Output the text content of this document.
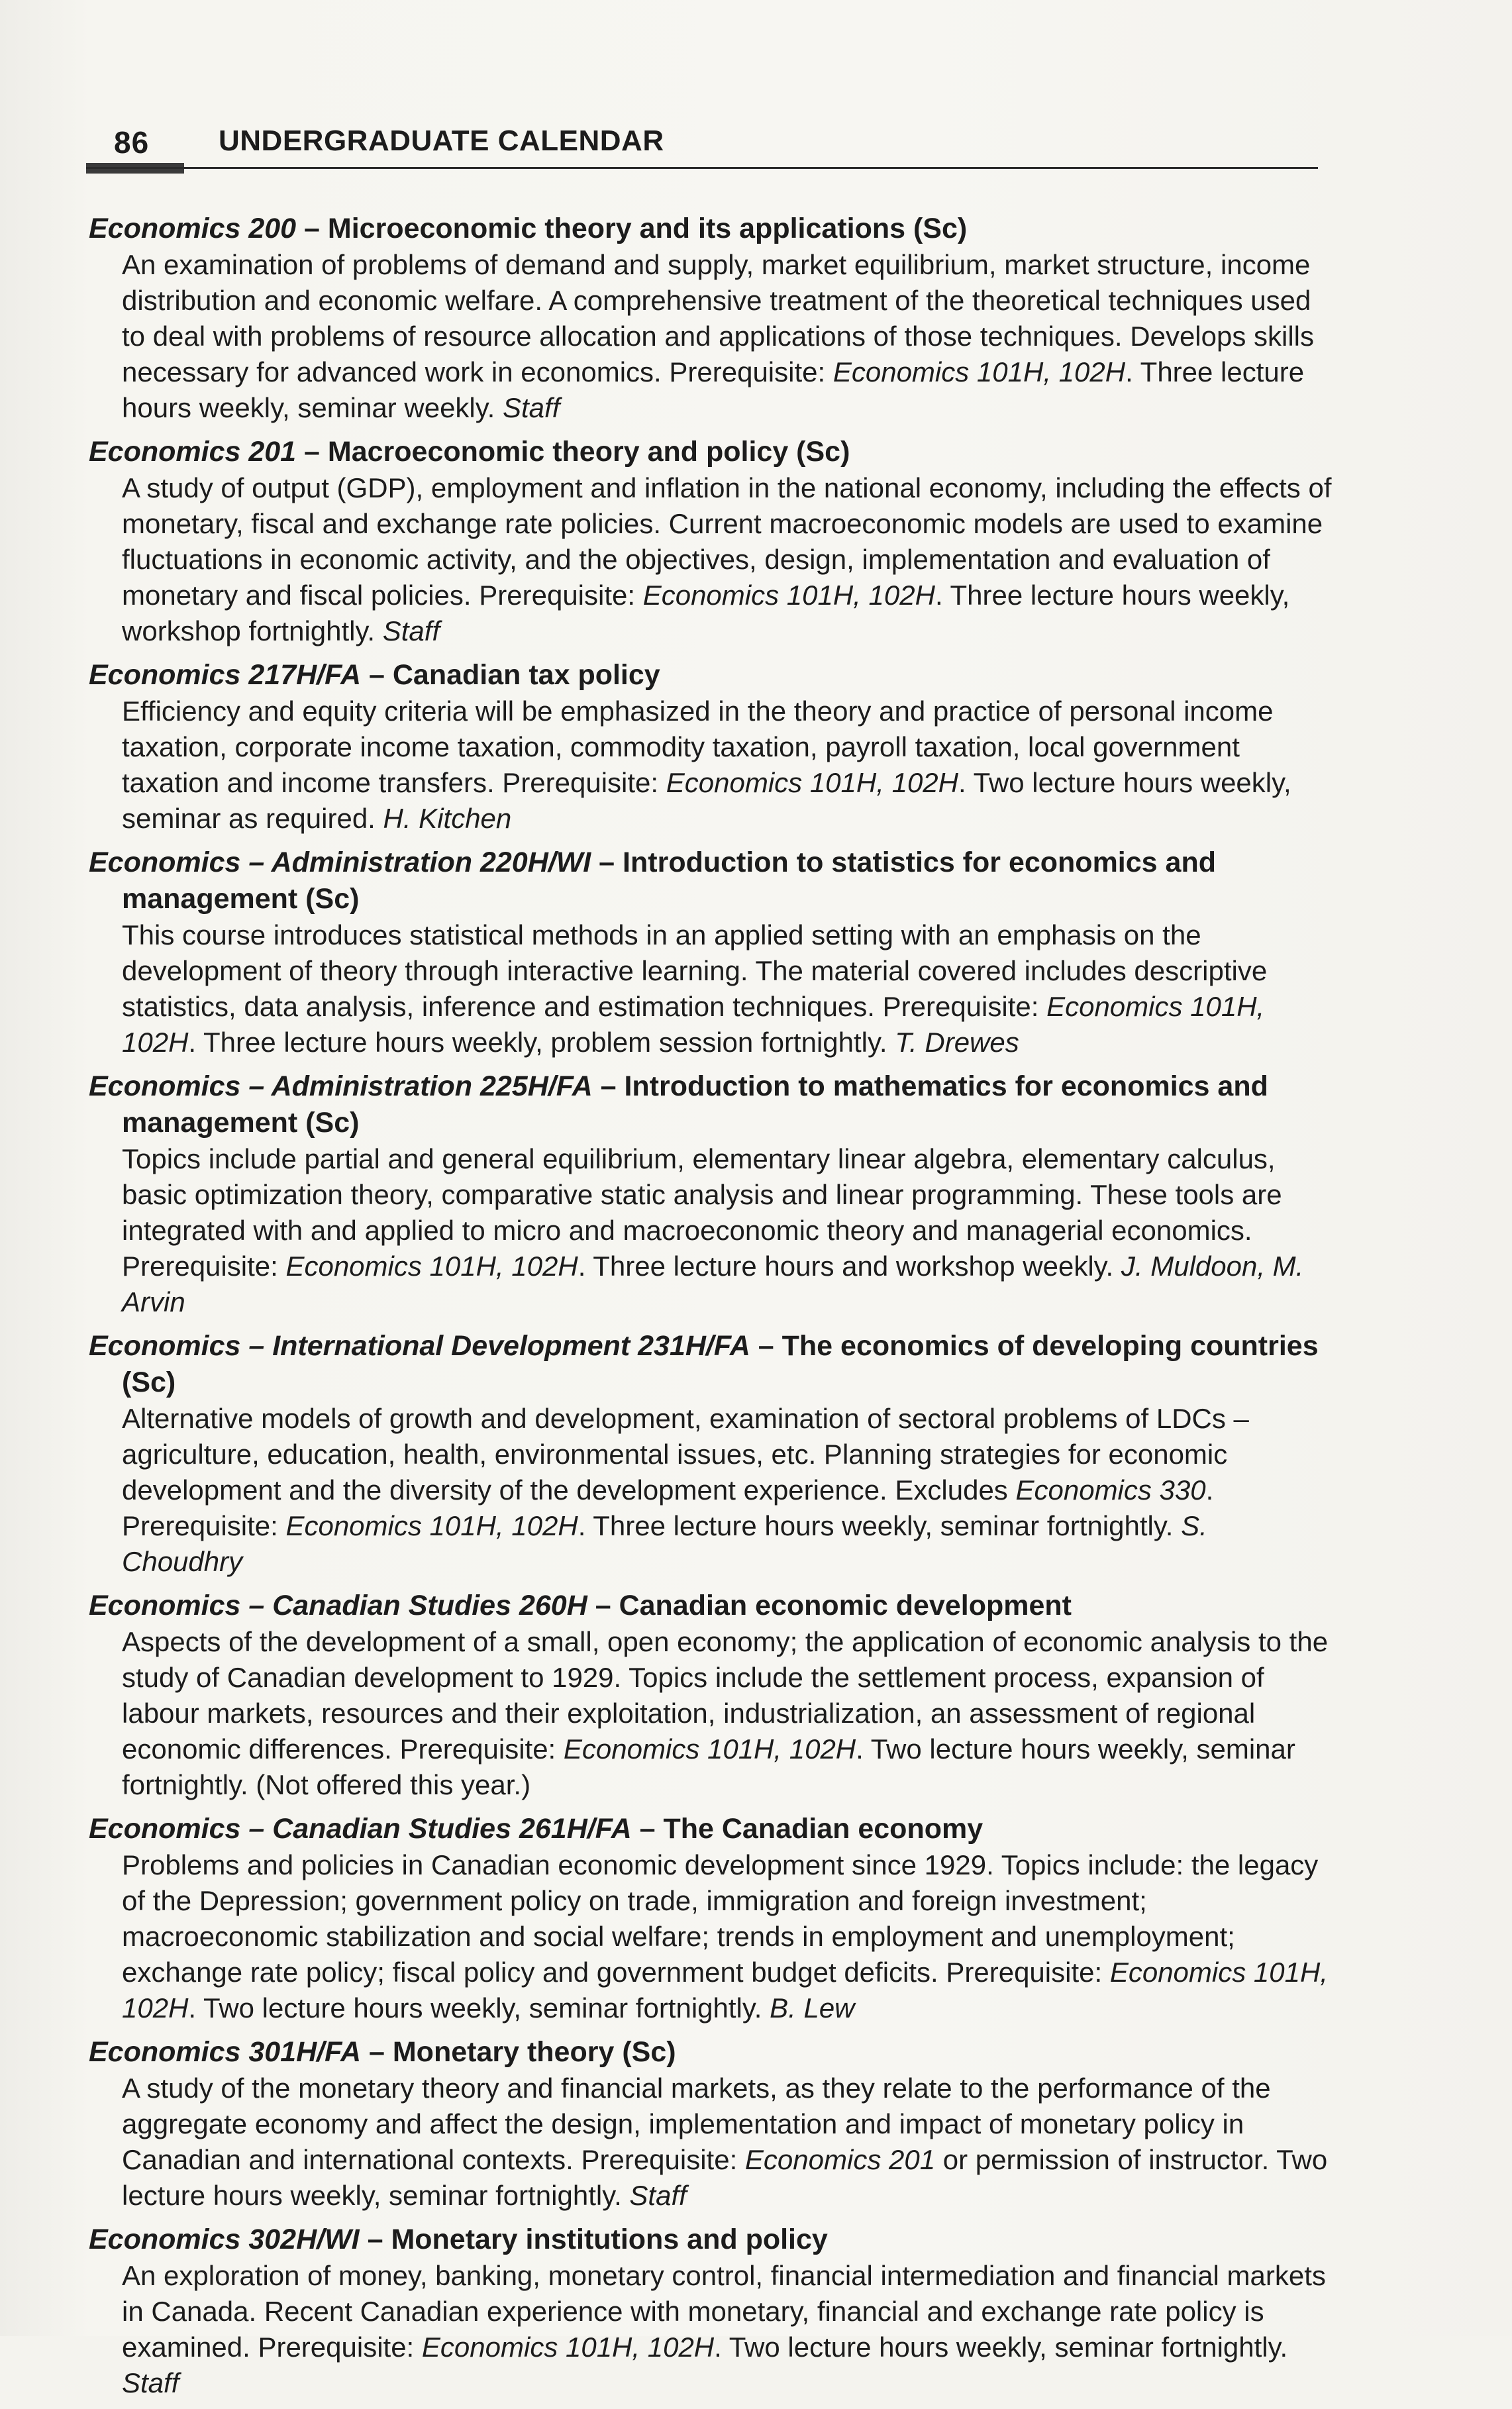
86 UNDERGRADUATE CALENDAR
Economics 200 – Microeconomic theory and its applications (Sc)
An examination of problems of demand and supply, market equilibrium, market structure, income distribution and economic welfare. A comprehensive treatment of the theoretical techniques used to deal with problems of resource allocation and applications of those techniques. Develops skills necessary for advanced work in economics. Prerequisite: Economics 101H, 102H. Three lecture hours weekly, seminar weekly. Staff
Economics 201 – Macroeconomic theory and policy (Sc)
A study of output (GDP), employment and inflation in the national economy, including the effects of monetary, fiscal and exchange rate policies. Current macroeconomic models are used to examine fluctuations in economic activity, and the objectives, design, implementation and evaluation of monetary and fiscal policies. Prerequisite: Economics 101H, 102H. Three lecture hours weekly, workshop fortnightly. Staff
Economics 217H/FA – Canadian tax policy
Efficiency and equity criteria will be emphasized in the theory and practice of personal income taxation, corporate income taxation, commodity taxation, payroll taxation, local government taxation and income transfers. Prerequisite: Economics 101H, 102H. Two lecture hours weekly, seminar as required. H. Kitchen
Economics – Administration 220H/WI – Introduction to statistics for economics and management (Sc)
This course introduces statistical methods in an applied setting with an emphasis on the development of theory through interactive learning. The material covered includes descriptive statistics, data analysis, inference and estimation techniques. Prerequisite: Economics 101H, 102H. Three lecture hours weekly, problem session fortnightly. T. Drewes
Economics – Administration 225H/FA – Introduction to mathematics for economics and management (Sc)
Topics include partial and general equilibrium, elementary linear algebra, elementary calculus, basic optimization theory, comparative static analysis and linear programming. These tools are integrated with and applied to micro and macroeconomic theory and managerial economics. Prerequisite: Economics 101H, 102H. Three lecture hours and workshop weekly. J. Muldoon, M. Arvin
Economics – International Development 231H/FA – The economics of developing countries (Sc)
Alternative models of growth and development, examination of sectoral problems of LDCs – agriculture, education, health, environmental issues, etc. Planning strategies for economic development and the diversity of the development experience. Excludes Economics 330. Prerequisite: Economics 101H, 102H. Three lecture hours weekly, seminar fortnightly. S. Choudhry
Economics – Canadian Studies 260H – Canadian economic development
Aspects of the development of a small, open economy; the application of economic analysis to the study of Canadian development to 1929. Topics include the settlement process, expansion of labour markets, resources and their exploitation, industrialization, an assessment of regional economic differences. Prerequisite: Economics 101H, 102H. Two lecture hours weekly, seminar fortnightly. (Not offered this year.)
Economics – Canadian Studies 261H/FA – The Canadian economy
Problems and policies in Canadian economic development since 1929. Topics include: the legacy of the Depression; government policy on trade, immigration and foreign investment; macroeconomic stabilization and social welfare; trends in employment and unemployment; exchange rate policy; fiscal policy and government budget deficits. Prerequisite: Economics 101H, 102H. Two lecture hours weekly, seminar fortnightly. B. Lew
Economics 301H/FA – Monetary theory (Sc)
A study of the monetary theory and financial markets, as they relate to the performance of the aggregate economy and affect the design, implementation and impact of monetary policy in Canadian and international contexts. Prerequisite: Economics 201 or permission of instructor. Two lecture hours weekly, seminar fortnightly. Staff
Economics 302H/WI – Monetary institutions and policy
An exploration of money, banking, monetary control, financial intermediation and financial markets in Canada. Recent Canadian experience with monetary, financial and exchange rate policy is examined. Prerequisite: Economics 101H, 102H. Two lecture hours weekly, seminar fortnightly. Staff
